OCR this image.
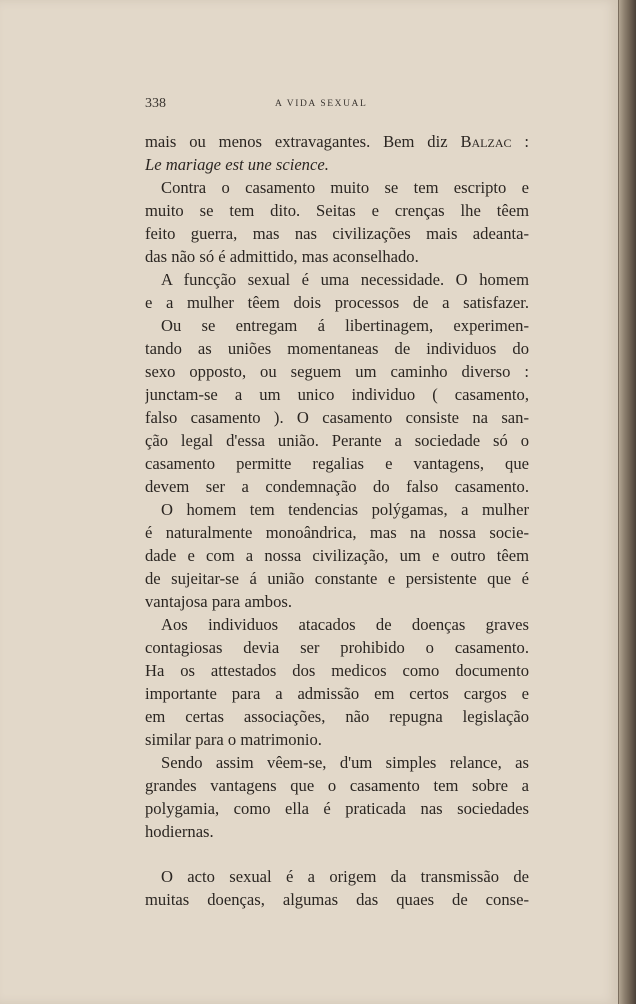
338	A VIDA SEXUAL
mais ou menos extravagantes. Bem diz Balzac :
Le mariage est une science.
Contra o casamento muito se tem escripto e
muito se tem dito. Seitas e crenças lhe têem
feito guerra, mas nas civilizações mais adeanta-
das não só é admittido, mas aconselhado.
A funcção sexual é uma necessidade. O homem
e a mulher têem dois processos de a satisfazer.
Ou se entregam á libertinagem, experimen-
tando as uniões momentaneas de individuos do
sexo opposto, ou seguem um caminho diverso :
junctam-se a um unico individuo ( casamento,
falso casamento ). O casamento consiste na san-
ção legal d'essa união. Perante a sociedade só o
casamento permitte regalias e vantagens, que
devem ser a condemnação do falso casamento.
O homem tem tendencias polýgamas, a mulher
é naturalmente monoândrica, mas na nossa socie-
dade e com a nossa civilização, um e outro têem
de sujeitar-se á união constante e persistente que é
vantajosa para ambos.
Aos individuos atacados de doenças graves
contagiosas devia ser prohibido o casamento.
Ha os attestados dos medicos como documento
importante para a admissão em certos cargos e
em certas associações, não repugna legislação
similar para o matrimonio.
Sendo assim vêem-se, d'um simples relance, as
grandes vantagens que o casamento tem sobre a
polygamia, como ella é praticada nas sociedades
hodiernas.
O acto sexual é a origem da transmissão de
muitas doenças, algumas das quaes de conse-
